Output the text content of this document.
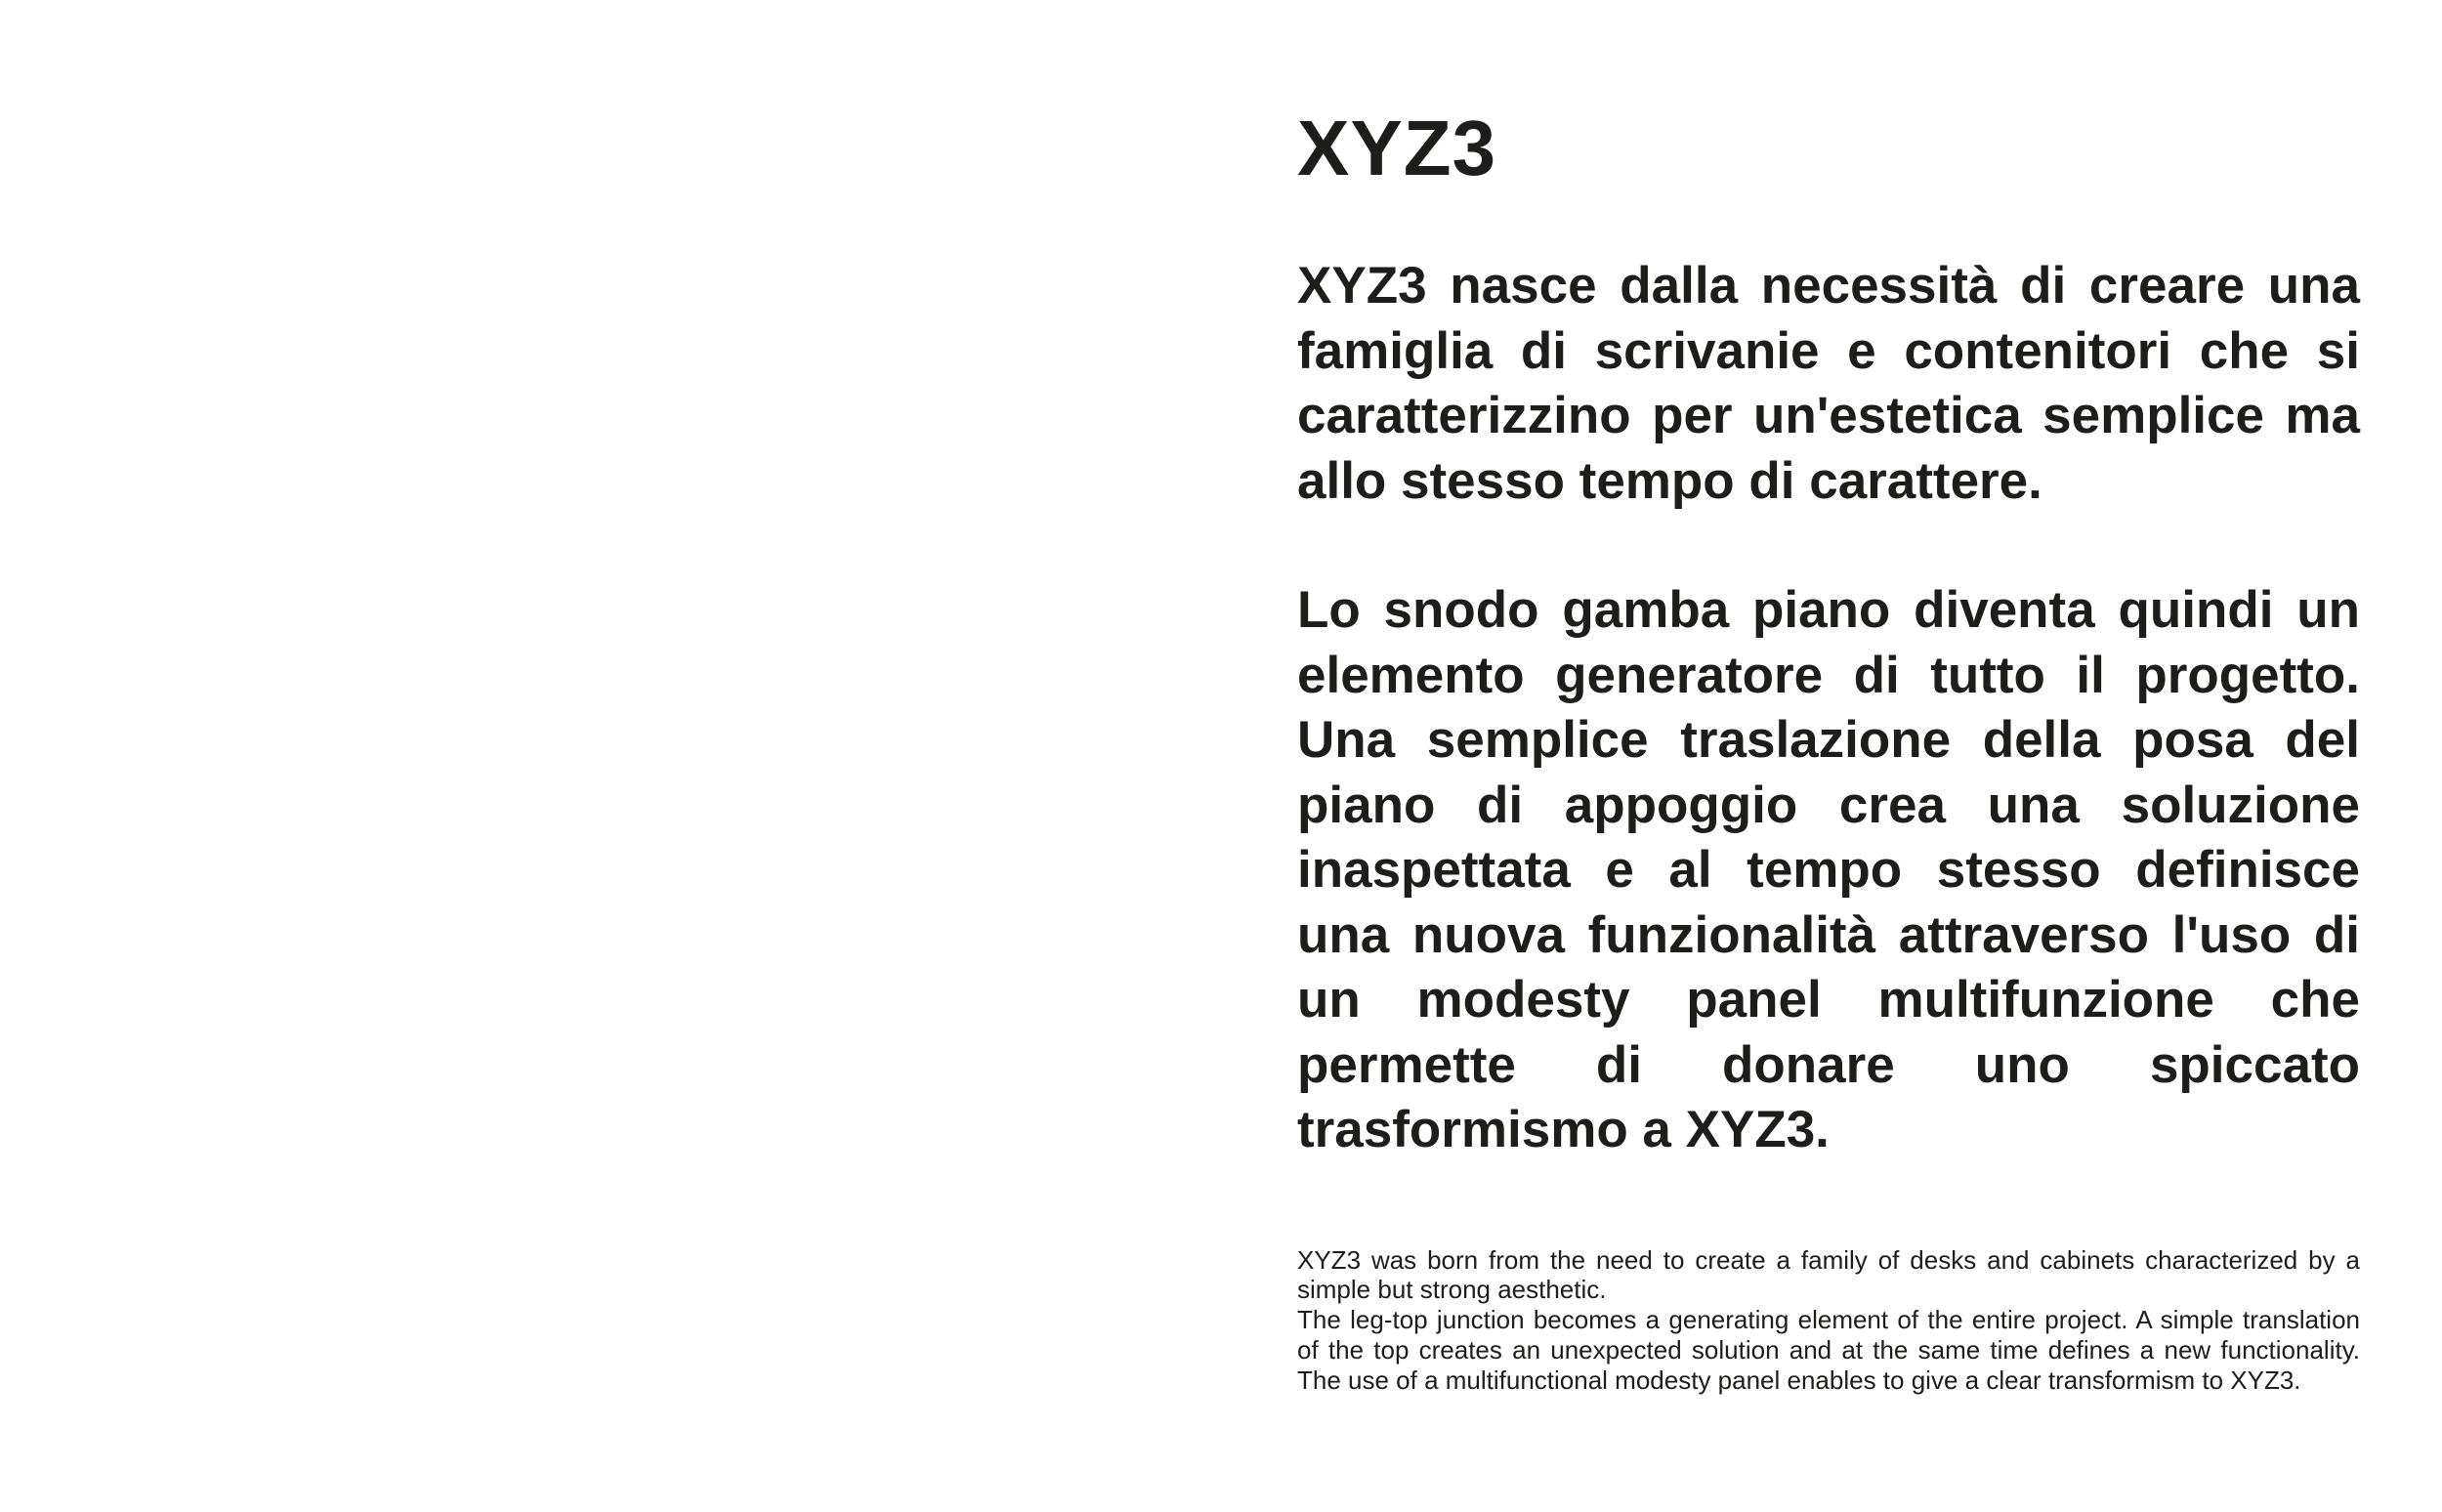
XYZ3

XYZ3 nasce dalla necessità di creare una famiglia di scrivanie e contenitori che si caratterizzino per un'estetica semplice ma allo stesso tempo di carattere.

Lo snodo gamba piano diventa quindi un elemento generatore di tutto il progetto. Una semplice traslazione della posa del piano di appoggio crea una soluzione inaspettata e al tempo stesso definisce una nuova funzionalità attraverso l'uso di un modesty panel multifunzione che permette di donare uno spiccato trasformismo a XYZ3.

XYZ3 was born from the need to create a family of desks and cabinets characterized by a simple but strong aesthetic.

The leg-top junction becomes a generating element of the entire project. A simple translation of the top creates an unexpected solution and at the same time defines a new functionality. The use of a multifunctional modesty panel enables to give a clear transformism to XYZ3.
